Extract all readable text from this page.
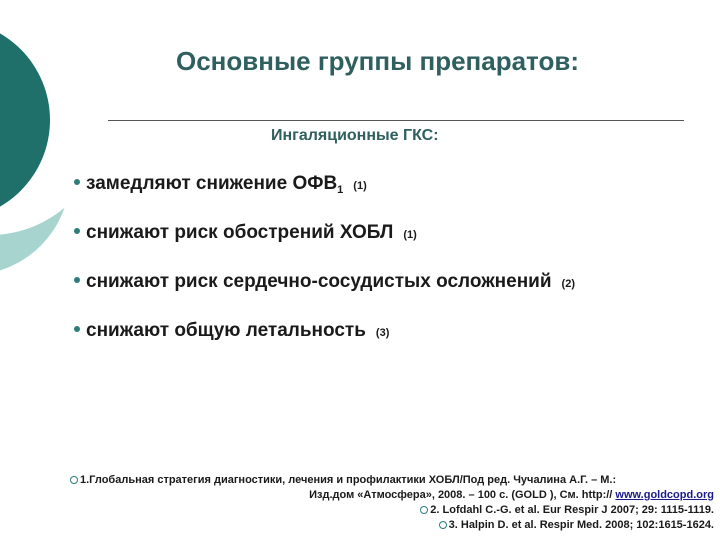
Основные группы препаратов:
Ингаляционные ГКС:
замедляют снижение $ОФВ_1$ (1)
снижают риск обострений ХОБЛ (1)
снижают риск сердечно-сосудистых осложнений (2)
снижают общую летальность (3)
1.Глобальная стратегия диагностики, лечения и профилактики ХОБЛ/Под ред. Чучалина А.Г. – М.:
Изд.дом «Атмосфера», 2008. – 100 с. (GOLD ), См. http:// www.goldcopd.org
2. Lofdahl C.-G. et al. Eur Respir J 2007; 29: 1115-1119.
3. Halpin D. et al. Respir Med. 2008; 102:1615-1624.
